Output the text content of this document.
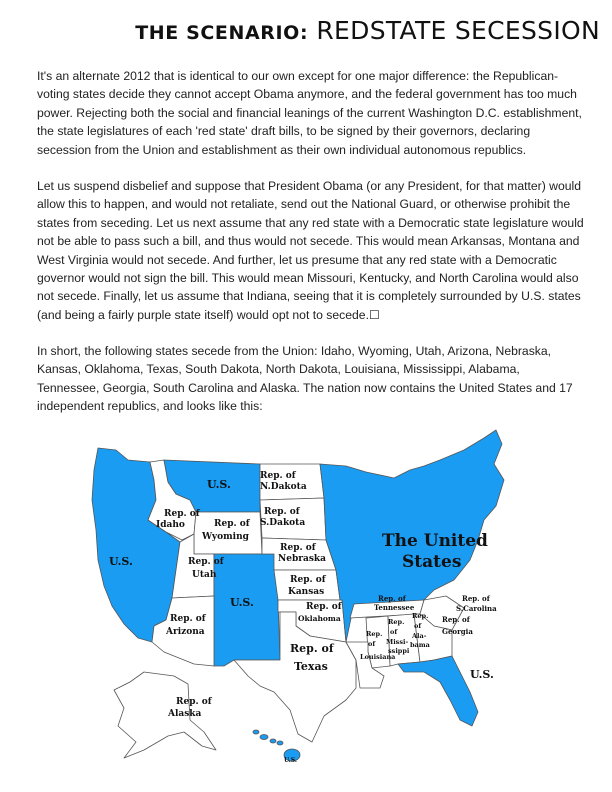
THE SCENARIO: REDSTATE SECESSION

It's an alternate 2012 that is identical to our own except for one major difference: the Republican-voting states decide they cannot accept Obama anymore, and the federal government has too much power. Rejecting both the social and financial leanings of the current Washington D.C. establishment, the state legislatures of each 'red state' draft bills, to be signed by their governors, declaring secession from the Union and establishment as their own individual autonomous republics.

Let us suspend disbelief and suppose that President Obama (or any President, for that matter) would allow this to happen, and would not retaliate, send out the National Guard, or otherwise prohibit the states from seceding. Let us next assume that any red state with a Democratic state legislature would not be able to pass such a bill, and thus would not secede. This would mean Arkansas, Montana and West Virginia would not secede. And further, let us presume that any red state with a Democratic governor would not sign the bill. This would mean Missouri, Kentucky, and North Carolina would also not secede. Finally, let us assume that Indiana, seeing that it is completely surrounded by U.S. states (and being a fairly purple state itself) would opt not to secede.☐

In short, the following states secede from the Union: Idaho, Wyoming, Utah, Arizona, Nebraska, Kansas, Oklahoma, Texas, South Dakota, North Dakota, Louisiana, Mississippi, Alabama, Tennessee, Georgia, South Carolina and Alaska. The nation now contains the United States and 17 independent republics, and looks like this:

U.S.
U.S.
U.S.
U.S.
U.S.
The United
States
Rep. of
Idaho
Rep. of
N.Dakota
Rep. of
S.Dakota
Rep. of
Wyoming
Rep. of
Nebraska
Rep. of
Utah	Rep. of
Kansas
Rep. of
Arizona
Rep. of
Oklahoma
Rep. of
Texas
Rep. of
Tennessee
Rep. of
S.Carolina
Rep.
of
Missi-
ssippi
Rep.
of
Ala-
bama
Rep. of
Georgia
Rep.
of
Louisiana
Rep. of
Alaska
